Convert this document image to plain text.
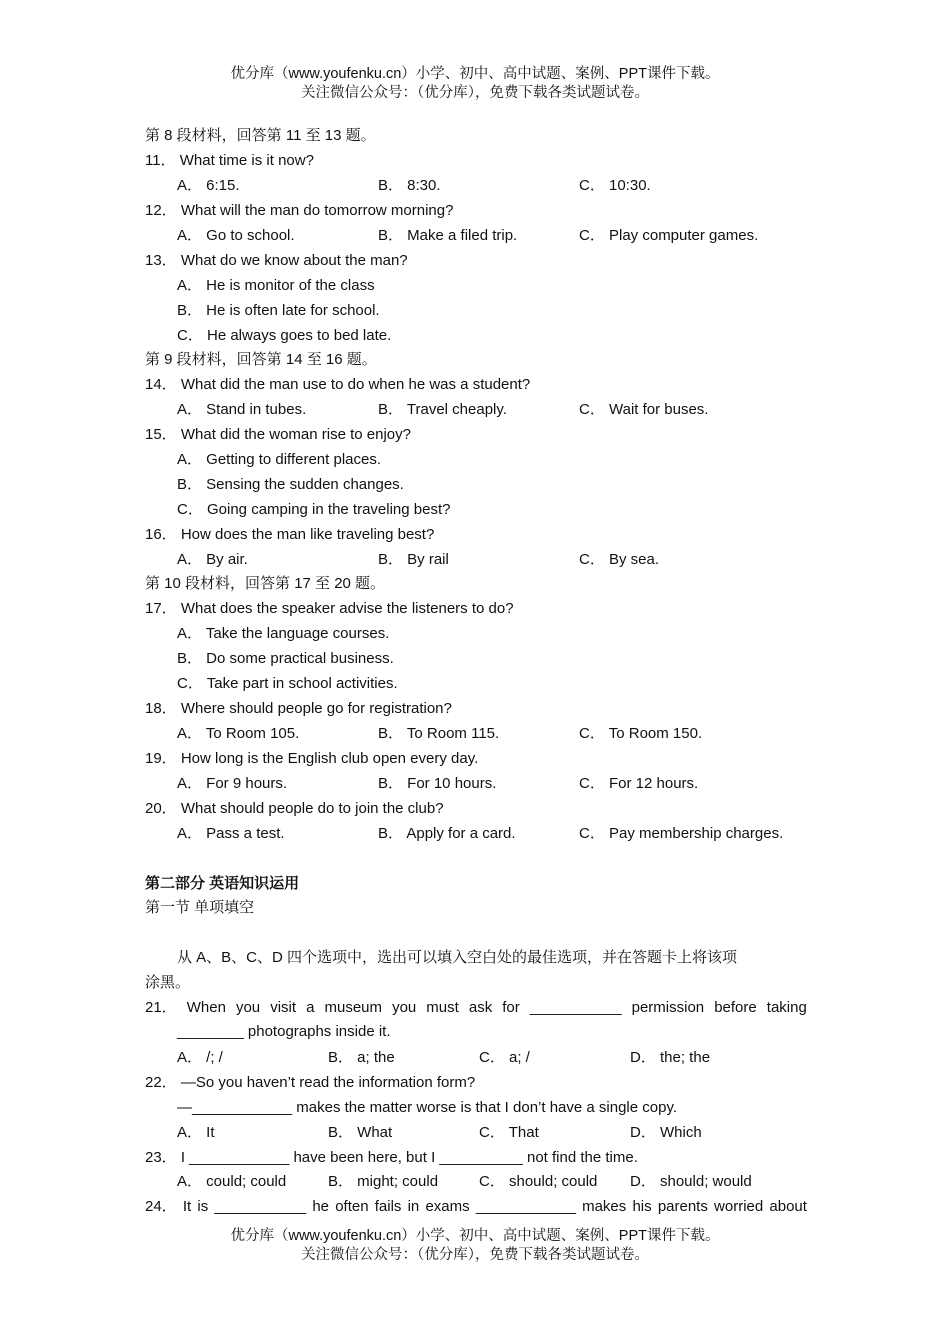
优分库（www.youfenku.cn）小学、初中、高中试题、案例、PPT课件下载。
关注微信公众号：（优分库），免费下载各类试题试卷。
第 8 段材料，回答第 11 至 13 题。
11． What time is it now?
A． 6:15.	B． 8:30.	C． 10:30.
12． What will the man do tomorrow morning?
A． Go to school.	B． Make a filed trip.	C． Play computer games.
13． What do we know about the man?
A． He is monitor of the class
B． He is often late for school.
C． He always goes to bed late.
第 9 段材料，回答第 14 至 16 题。
14． What did the man use to do when he was a student?
A． Stand in tubes.	B． Travel cheaply.	C． Wait for buses.
15． What did the woman rise to enjoy?
A． Getting to different places.
B． Sensing the sudden changes.
C． Going camping in the traveling best?
16． How does the man like traveling best?
A． By air.	B． By rail	C． By sea.
第 10 段材料，回答第 17 至 20 题。
17． What does the speaker advise the listeners to do?
A． Take the language courses.
B． Do some practical business.
C． Take part in school activities.
18． Where should people go for registration?
A． To Room 105.	B． To Room 115.	C． To Room 150.
19． How long is the English club open every day.
A． For 9 hours.	B． For 10 hours.	C． For 12 hours.
20． What should people do to join the club?
A． Pass a test.	B． Apply for a card.	C． Pay membership charges.
第二部分 英语知识运用
第一节 单项填空
从 A、B、C、D 四个选项中，选出可以填入空白处的最佳选项，并在答题卡上将该项
涂黑。
21． When you visit a museum you must ask for ___________ permission before taking
________ photographs inside it.
A． /; /	B． a; the	C． a; /	D． the; the
22． —So you haven’t read the information form?
—____________ makes the matter worse is that I don’t have a single copy.
A． It	B． What	C． That	D． Which
23． I ____________ have been here, but I __________ not find the time.
A． could; could	B． might; could	C． should; could D． should; would
24． It is ___________ he often fails in exams ____________ makes his parents worried about
优分库（www.youfenku.cn）小学、初中、高中试题、案例、PPT课件下载。
关注微信公众号：（优分库），免费下载各类试题试卷。
